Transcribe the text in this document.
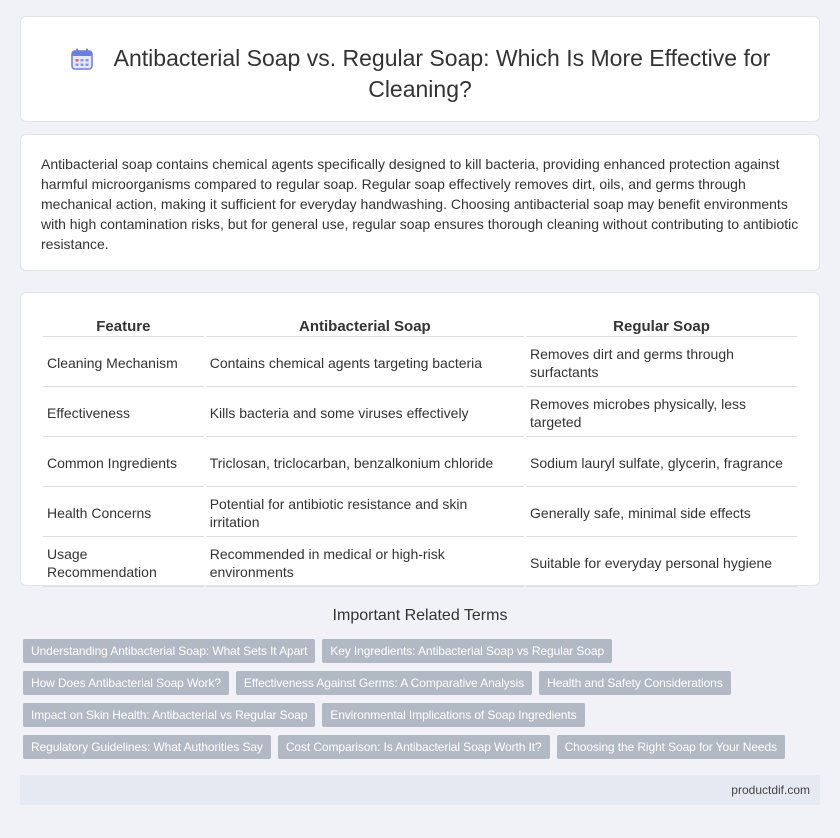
Antibacterial Soap vs. Regular Soap: Which Is More Effective for Cleaning?

Antibacterial soap contains chemical agents specifically designed to kill bacteria, providing enhanced protection against harmful microorganisms compared to regular soap. Regular soap effectively removes dirt, oils, and germs through mechanical action, making it sufficient for everyday handwashing. Choosing antibacterial soap may benefit environments with high contamination risks, but for general use, regular soap ensures thorough cleaning without contributing to antibiotic resistance.

Feature	Antibacterial Soap	Regular Soap
Cleaning Mechanism	Contains chemical agents targeting bacteria	Removes dirt and germs through surfactants
Effectiveness	Kills bacteria and some viruses effectively	Removes microbes physically, less targeted
Common Ingredients	Triclosan, triclocarban, benzalkonium chloride	Sodium lauryl sulfate, glycerin, fragrance
Health Concerns	Potential for antibiotic resistance and skin irritation	Generally safe, minimal side effects
Usage Recommendation	Recommended in medical or high-risk environments	Suitable for everyday personal hygiene
Important Related Terms
Understanding Antibacterial Soap: What Sets It Apart	Key Ingredients: Antibacterial Soap vs Regular Soap
How Does Antibacterial Soap Work?	Effectiveness Against Germs: A Comparative Analysis	Health and Safety Considerations
Impact on Skin Health: Antibacterial vs Regular Soap	Environmental Implications of Soap Ingredients
Regulatory Guidelines: What Authorities Say	Cost Comparison: Is Antibacterial Soap Worth It?	Choosing the Right Soap for Your Needs
productdif.com
